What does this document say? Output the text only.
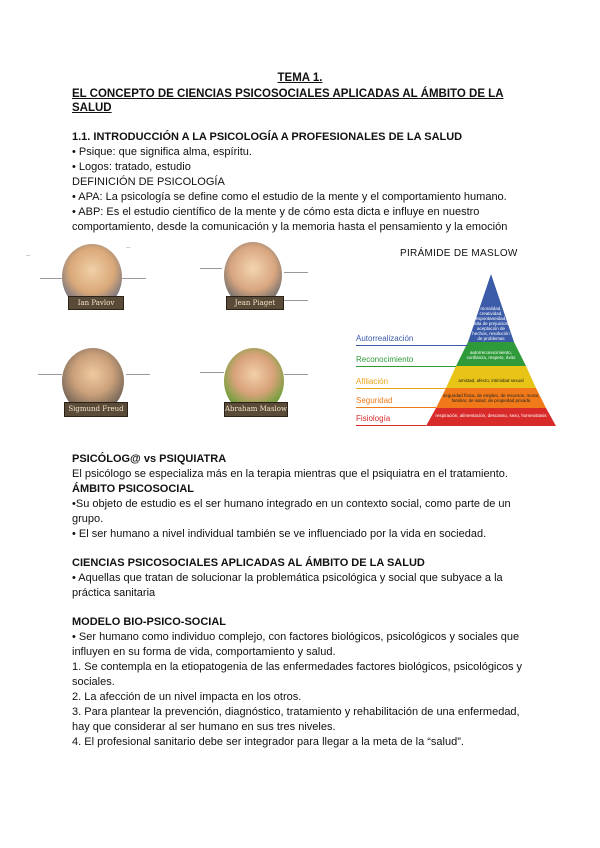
TEMA 1.
EL CONCEPTO DE CIENCIAS PSICOSOCIALES APLICADAS AL ÁMBITO DE LA SALUD

1.1. INTRODUCCIÓN A LA PSICOLOGÍA A PROFESIONALES DE LA SALUD

• Psique: que significa alma, espíritu.

• Logos: tratado, estudio

DEFINICIÓN DE PSICOLOGÍA

• APA: La psicología se define como el estudio de la mente y el comportamiento humano.

• ABP: Es el estudio científico de la mente y de cómo esta dicta e influye en nuestro comportamiento, desde la comunicación y la memoria hasta el pensamiento y la emoción

Ian Pavlov
—
—
Jean Piaget
Sigmund Freud	Abraham Maslow
PIRÁMIDE DE MASLOW
Autorrealización
Reconocimiento
Afiliación
Seguridad
Fisiología
moralidad, creatividad, espontaneidad, falta de prejuicios, aceptación de hechos, resolución de problemas
autorreconocimiento, confianza, respeto, éxito
amistad, afecto, intimidad sexual
seguridad física, de empleo, de recursos, moral, familiar, de salud, de propiedad privada
respiración, alimentación, descanso, sexo, homeostasis

PSICÓLOG@ vs PSIQUIATRA

El psicólogo se especializa más en la terapia mientras que el psiquiatra en el tratamiento.

ÁMBITO PSICOSOCIAL

•Su objeto de estudio es el ser humano integrado en un contexto social, como parte de un grupo.

• El ser humano a nivel individual también se ve influenciado por la vida en sociedad.

CIENCIAS PSICOSOCIALES APLICADAS AL ÁMBITO DE LA SALUD

• Aquellas que tratan de solucionar la problemática psicológica y social que subyace a la práctica sanitaria

MODELO BIO-PSICO-SOCIAL

• Ser humano como individuo complejo, con factores biológicos, psicológicos y sociales que influyen en su forma de vida, comportamiento y salud.

1. Se contempla en la etiopatogenia de las enfermedades factores biológicos, psicológicos y sociales.

2. La afección de un nivel impacta en los otros.

3. Para plantear la prevención, diagnóstico, tratamiento y rehabilitación de una enfermedad, hay que considerar al ser humano en sus tres niveles.

4. El profesional sanitario debe ser integrador para llegar a la meta de la “salud”.
